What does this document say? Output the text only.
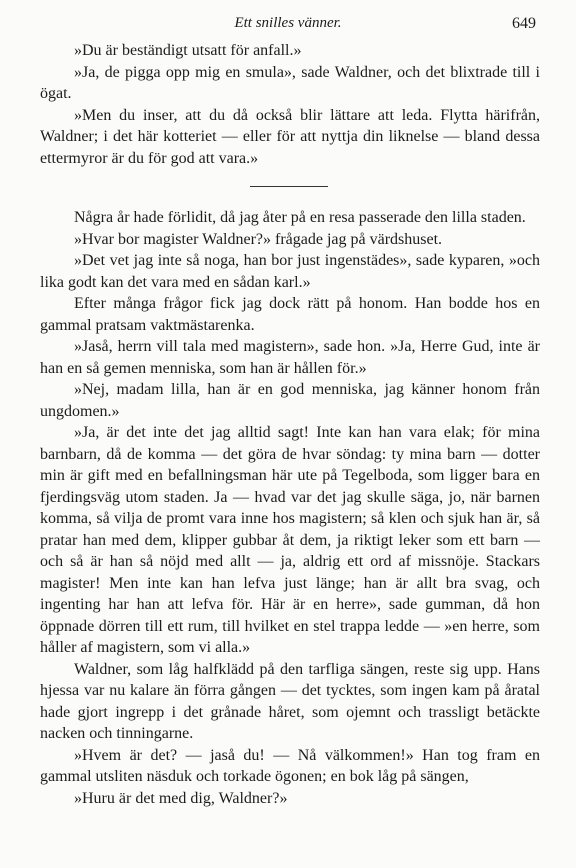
Ett snilles vänner.	649

»Du är beständigt utsatt för anfall.»

»Ja, de pigga opp mig en smula», sade Waldner, och det blixtrade till i ögat.

»Men du inser, att du då också blir lättare att leda. Flytta härifrån, Waldner; i det här kotteriet — eller för att nyttja din liknelse — bland dessa ettermyror är du för god att vara.»

Några år hade förlidit, då jag åter på en resa passerade den lilla staden.

»Hvar bor magister Waldner?» frågade jag på värdshuset.

»Det vet jag inte så noga, han bor just ingenstädes», sade kyparen, »och lika godt kan det vara med en sådan karl.»

Efter många frågor fick jag dock rätt på honom. Han bodde hos en gammal pratsam vaktmästarenka.

»Jaså, herrn vill tala med magistern», sade hon. »Ja, Herre Gud, inte är han en så gemen menniska, som han är hållen för.»

»Nej, madam lilla, han är en god menniska, jag känner honom från ungdomen.»

»Ja, är det inte det jag alltid sagt! Inte kan han vara elak; för mina barnbarn, då de komma — det göra de hvar söndag: ty mina barn — dotter min är gift med en befallningsman här ute på Tegelboda, som ligger bara en fjerdingsväg utom staden. Ja — hvad var det jag skulle säga, jo, när barnen komma, så vilja de promt vara inne hos magistern; så klen och sjuk han är, så pratar han med dem, klipper gubbar åt dem, ja riktigt leker som ett barn — och så är han så nöjd med allt — ja, aldrig ett ord af missnöje. Stackars magister! Men inte kan han lefva just länge; han är allt bra svag, och ingenting har han att lefva för. Här är en herre», sade gumman, då hon öppnade dörren till ett rum, till hvilket en stel trappa ledde — »en herre, som håller af magistern, som vi alla.»

Waldner, som låg halfklädd på den tarfliga sängen, reste sig upp. Hans hjessa var nu kalare än förra gången — det tycktes, som ingen kam på åratal hade gjort ingrepp i det grånade håret, som ojemnt och trassligt betäckte nacken och tinningarne.

»Hvem är det? — jaså du! — Nå välkommen!» Han tog fram en gammal utsliten näsduk och torkade ögonen; en bok låg på sängen,

»Huru är det med dig, Waldner?»
